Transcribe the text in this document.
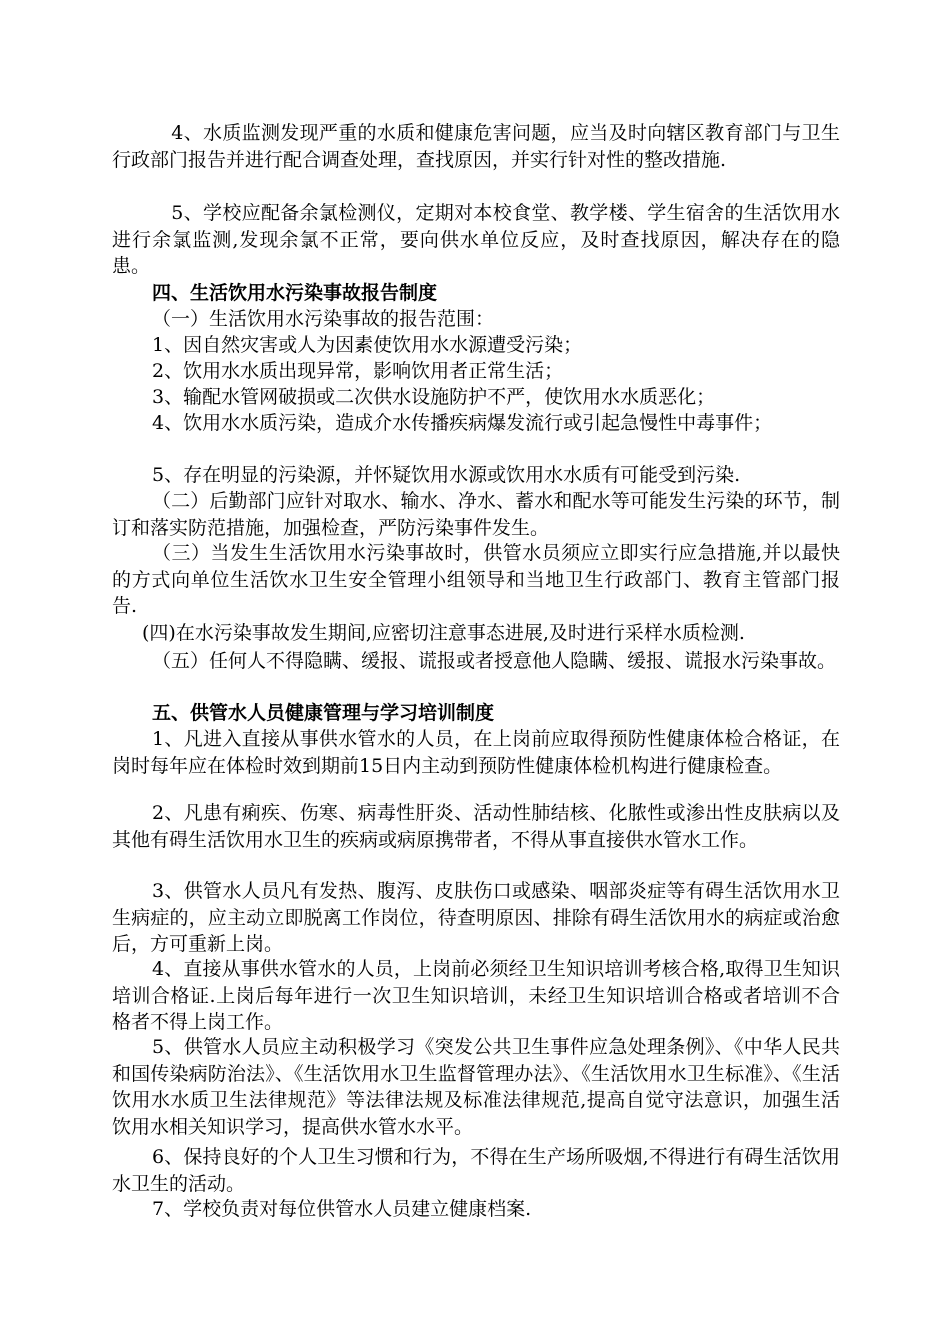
　4、水质监测发现严重的水质和健康危害问题，应当及时向辖区教育部门与卫生行政部门报告并进行配合调查处理，查找原因，并实行针对性的整改措施.

　5、学校应配备余氯检测仪，定期对本校食堂、教学楼、学生宿舍的生活饮用水进行余氯监测,发现余氯不正常，要向供水单位反应，及时查找原因，解决存在的隐患。

四、生活饮用水污染事故报告制度

（一）生活饮用水污染事故的报告范围：

1、因自然灾害或人为因素使饮用水水源遭受污染；

2、饮用水水质出现异常，影响饮用者正常生活；

3、输配水管网破损或二次供水设施防护不严，使饮用水水质恶化；

4、饮用水水质污染，造成介水传播疾病爆发流行或引起急慢性中毒事件；

5、存在明显的污染源，并怀疑饮用水源或饮用水水质有可能受到污染.

（二）后勤部门应针对取水、输水、净水、蓄水和配水等可能发生污染的环节，制订和落实防范措施，加强检查，严防污染事件发生。

（三）当发生生活饮用水污染事故时，供管水员须应立即实行应急措施,并以最快的方式向单位生活饮水卫生安全管理小组领导和当地卫生行政部门、教育主管部门报告.

(四)在水污染事故发生期间,应密切注意事态进展,及时进行采样水质检测.

（五）任何人不得隐瞒、缓报、谎报或者授意他人隐瞒、缓报、谎报水污染事故。

五、供管水人员健康管理与学习培训制度

1、凡进入直接从事供水管水的人员，在上岗前应取得预防性健康体检合格证，在岗时每年应在体检时效到期前15日内主动到预防性健康体检机构进行健康检查。

2、凡患有痢疾、伤寒、病毒性肝炎、活动性肺结核、化脓性或渗出性皮肤病以及其他有碍生活饮用水卫生的疾病或病原携带者，不得从事直接供水管水工作。

3、供管水人员凡有发热、腹泻、皮肤伤口或感染、咽部炎症等有碍生活饮用水卫生病症的，应主动立即脱离工作岗位，待查明原因、排除有碍生活饮用水的病症或治愈后，方可重新上岗。

4、直接从事供水管水的人员，上岗前必须经卫生知识培训考核合格,取得卫生知识培训合格证.上岗后每年进行一次卫生知识培训，未经卫生知识培训合格或者培训不合格者不得上岗工作。

5、供管水人员应主动积极学习《突发公共卫生事件应急处理条例》、《中华人民共和国传染病防治法》、《生活饮用水卫生监督管理办法》、《生活饮用水卫生标准》、《生活饮用水水质卫生法律规范》等法律法规及标准法律规范,提高自觉守法意识，加强生活饮用水相关知识学习，提高供水管水水平。

6、保持良好的个人卫生习惯和行为，不得在生产场所吸烟,不得进行有碍生活饮用水卫生的活动。

7、学校负责对每位供管水人员建立健康档案.
